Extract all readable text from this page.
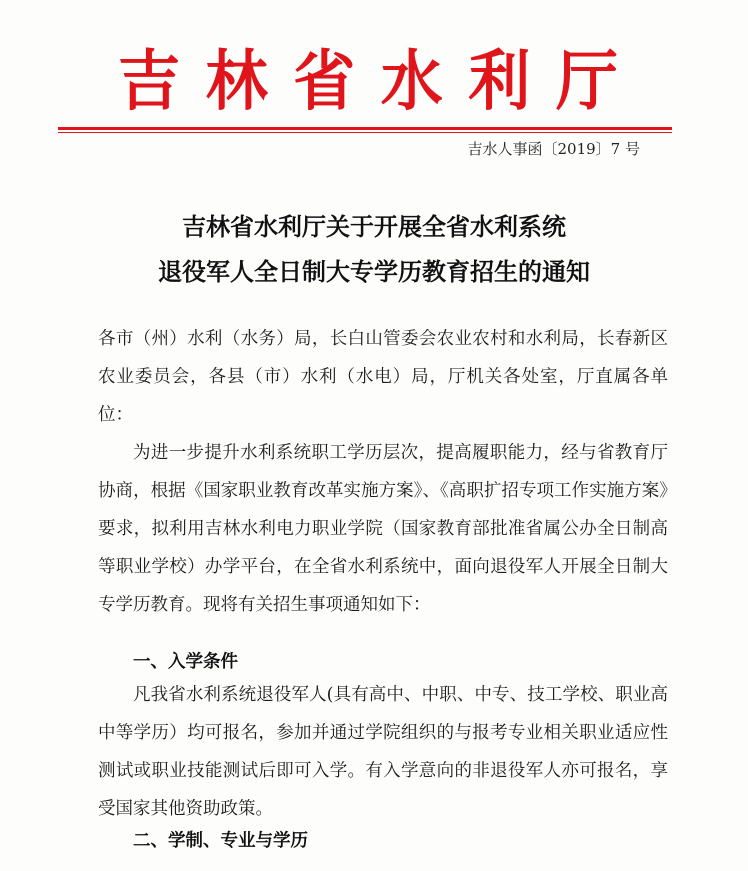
吉 林 省 水 利 厅
吉水人事函〔2019〕7 号
吉林省水利厅关于开展全省水利系统
退役军人全日制大专学历教育招生的通知
各市（州）水利（水务）局，长白山管委会农业农村和水利局，长春新区农业委员会，各县（市）水利（水电）局，厅机关各处室，厅直属各单位：
为进一步提升水利系统职工学历层次，提高履职能力，经与省教育厅协商，根据《国家职业教育改革实施方案》、《高职扩招专项工作实施方案》要求，拟利用吉林水利电力职业学院（国家教育部批准省属公办全日制高等职业学校）办学平台，在全省水利系统中，面向退役军人开展全日制大专学历教育。现将有关招生事项通知如下：
一、入学条件
凡我省水利系统退役军人(具有高中、中职、中专、技工学校、职业高中等学历）均可报名，参加并通过学院组织的与报考专业相关职业适应性测试或职业技能测试后即可入学。有入学意向的非退役军人亦可报名，享受国家其他资助政策。
二、学制、专业与学历
